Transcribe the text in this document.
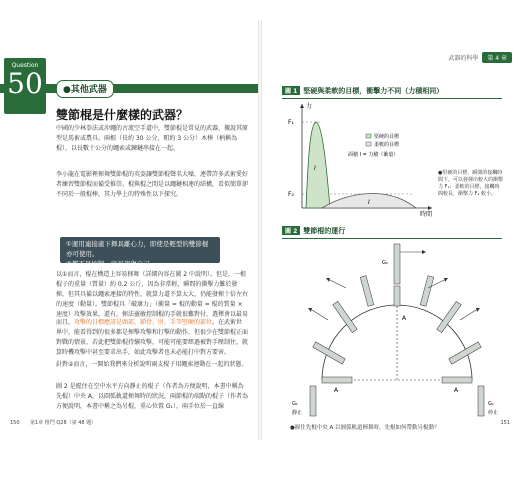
Question
50	●其他武器
雙節棍是什麼樣的武器？
中國的少林拳法或沖繩的古流空手道中，雙節棍是常見的武器，據說其原型是馬術或農具。兩根（長約 30 公分，粗約 3 公分）木棒（柄稱為棍），以長數十公分的繩索或鍊鏈串接在一起。
李小龍在電影裡揮舞雙節棍的英姿讓雙節棍聲名大噪，連帶許多武術愛好者練習雙節棍而備受推崇。棍與棍之間是以繩鏈相連的結構，看似簡單卻不同於一般棍棒，其力學上的特殊性以下探究。
①運用連接處下揮具離心力，即使是輕型的雙節棍亦可使用。
②都不易控制，容易誤傷自己。
以①而言，棍在構造上容易揮舞（詳細內容在圖 2 中說明）。但是，一根棍子的重量（質量）約 0.2 公斤，因為非常輕，瞬間的衝擊力難於發揮，但其具備以繩索連接的特性，就算力道不算太大，仍能發揮十倍左右的速度（動量）。雙節棍具「破壞力」（衝量 = 棍的動量 = 棍的質量 × 速度）攻擊效果，還有，揮法靈敏控制棍的手就很難對付，選擇會以最易
而且，攻擊的目標應該是頭部、鎖骨、肘、手等堅硬的部位。在武術世界中，能看得到的很多都是揮擊攻擊和打擊的動作，但很少在雙節棍正面對戰的情景，若此把雙節棍持續攻擊，可能可能要經過被對手壓制住，就算時機攻擊中甚至要求出手，如此攻擊者也未必能打中對方要害。
針對②而言，一開始我們來分析說明兩支棍子用繩索連動在一起的狀態。
圖 2 是握住在空中水平方向靜止的棍子（作者為方便說明，本書中稱為先棍）中央 A，以圓弧軌道揮舞時的狀況，兩節棍的端點的棍子（作者為方便說明，本書中稱之為另棍，重心位置 G₁），兩手位於一直線
150 第1章 格鬥 Q28（第 48 題）
武器的科學	第 4 章
圖 1 堅硬與柔軟的目標，衝擊力不同（力積相同）
力
時間
F₁
F₂
I
I
堅硬的目標
柔軟的目標
面積 I = 力積（衝量）
●堅硬的目標，瞬間的接觸時間下，可以發揮出較大的衝擊力 F₁；柔軟的目標，接觸時間較長，衝擊力 F₂ 較小。
圖 2 雙節棍的運行
A	A
G₁
靜止
G₁
停止
G₂
A
●握住先棍中央 A 以圓弧軌道揮舞時，先棍如何帶動另棍動？
151
